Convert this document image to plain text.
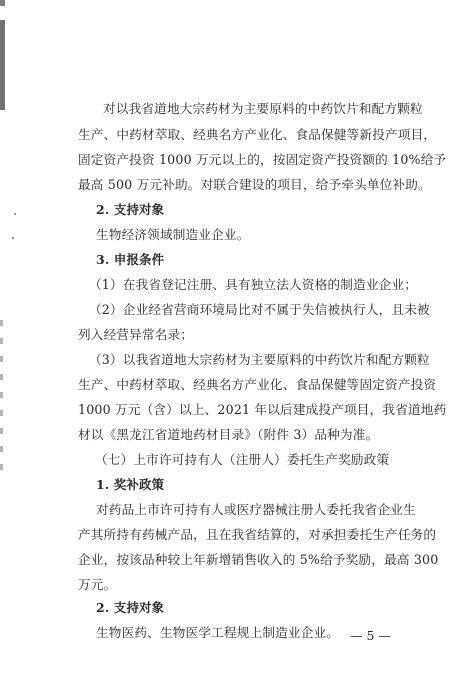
对以我省道地大宗药材为主要原料的中药饮片和配方颗粒
生产、中药材萃取、经典名方产业化、食品保健等新投产项目，
固定资产投资 1000 万元以上的，按固定资产投资额的 10%给予
最高 500 万元补助。对联合建设的项目，给予牵头单位补助。
2. 支持对象
生物经济领域制造业企业。
3. 申报条件
（1）在我省登记注册、具有独立法人资格的制造业企业；
（2）企业经省营商环境局比对不属于失信被执行人，且未被
列入经营异常名录；
（3）以我省道地大宗药材为主要原料的中药饮片和配方颗粒
生产、中药材萃取、经典名方产业化、食品保健等固定资产投资
1000 万元（含）以上、2021 年以后建成投产项目，我省道地药
材以《黑龙江省道地药材目录》（附件 3）品种为准。
（七）上市许可持有人（注册人）委托生产奖励政策
1. 奖补政策
对药品上市许可持有人或医疗器械注册人委托我省企业生
产其所持有药械产品，且在我省结算的，对承担委托生产任务的
企业，按该品种较上年新增销售收入的 5%给予奖励，最高 300
万元。
2. 支持对象
生物医药、生物医学工程规上制造业企业。 — 5 —
